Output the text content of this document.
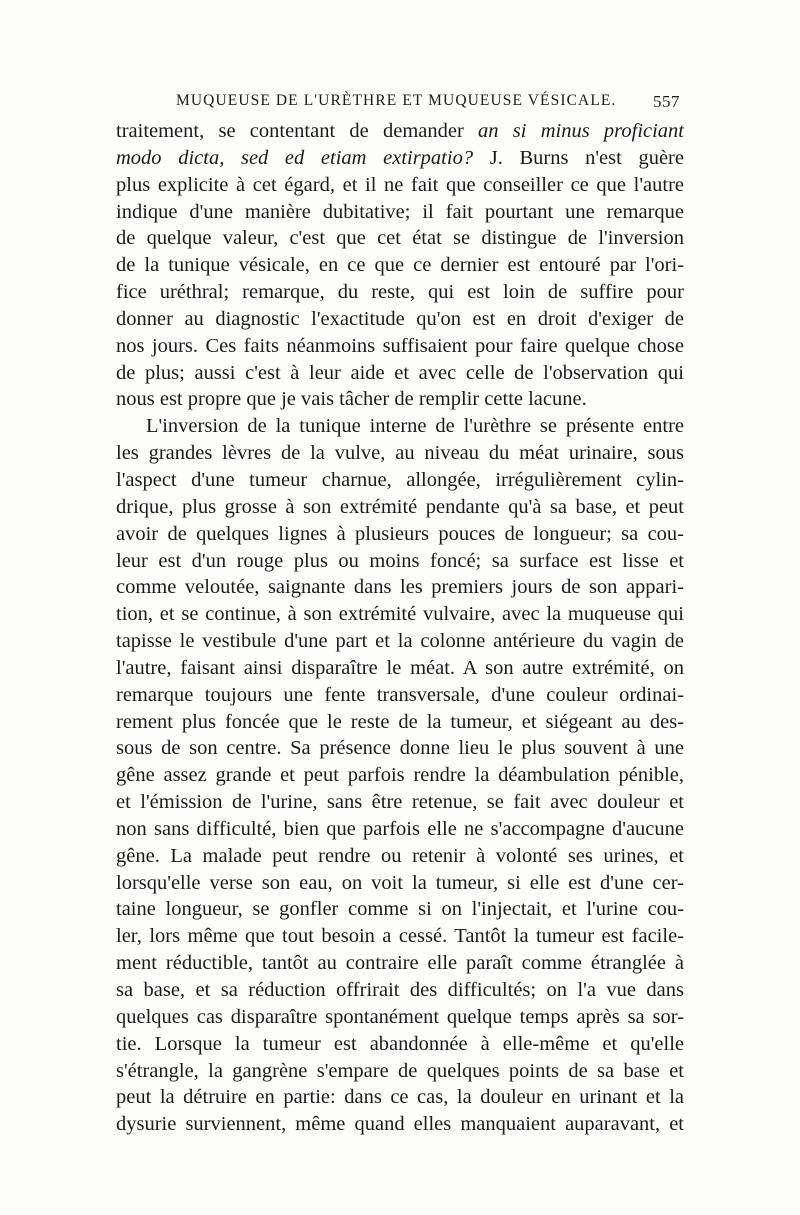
MUQUEUSE DE L'URÈTHRE ET MUQUEUSE VÉSICALE. 557
traitement, se contentant de demander an si minus proficiant
modo dicta, sed ed etiam extirpatio? J. Burns n'est guère
plus explicite à cet égard, et il ne fait que conseiller ce que l'autre
indique d'une manière dubitative; il fait pourtant une remarque
de quelque valeur, c'est que cet état se distingue de l'inversion
de la tunique vésicale, en ce que ce dernier est entouré par l'ori-
fice uréthral; remarque, du reste, qui est loin de suffire pour
donner au diagnostic l'exactitude qu'on est en droit d'exiger de
nos jours. Ces faits néanmoins suffisaient pour faire quelque chose
de plus; aussi c'est à leur aide et avec celle de l'observation qui
nous est propre que je vais tâcher de remplir cette lacune.
L'inversion de la tunique interne de l'urèthre se présente entre
les grandes lèvres de la vulve, au niveau du méat urinaire, sous
l'aspect d'une tumeur charnue, allongée, irrégulièrement cylin-
drique, plus grosse à son extrémité pendante qu'à sa base, et peut
avoir de quelques lignes à plusieurs pouces de longueur; sa cou-
leur est d'un rouge plus ou moins foncé; sa surface est lisse et
comme veloutée, saignante dans les premiers jours de son appari-
tion, et se continue, à son extrémité vulvaire, avec la muqueuse qui
tapisse le vestibule d'une part et la colonne antérieure du vagin de
l'autre, faisant ainsi disparaître le méat. A son autre extrémité, on
remarque toujours une fente transversale, d'une couleur ordinai-
rement plus foncée que le reste de la tumeur, et siégeant au des-
sous de son centre. Sa présence donne lieu le plus souvent à une
gêne assez grande et peut parfois rendre la déambulation pénible,
et l'émission de l'urine, sans être retenue, se fait avec douleur et
non sans difficulté, bien que parfois elle ne s'accompagne d'aucune
gêne. La malade peut rendre ou retenir à volonté ses urines, et
lorsqu'elle verse son eau, on voit la tumeur, si elle est d'une cer-
taine longueur, se gonfler comme si on l'injectait, et l'urine cou-
ler, lors même que tout besoin a cessé. Tantôt la tumeur est facile-
ment réductible, tantôt au contraire elle paraît comme étranglée à
sa base, et sa réduction offrirait des difficultés; on l'a vue dans
quelques cas disparaître spontanément quelque temps après sa sor-
tie. Lorsque la tumeur est abandonnée à elle-même et qu'elle
s'étrangle, la gangrène s'empare de quelques points de sa base et
peut la détruire en partie: dans ce cas, la douleur en urinant et la
dysurie surviennent, même quand elles manquaient auparavant, et
